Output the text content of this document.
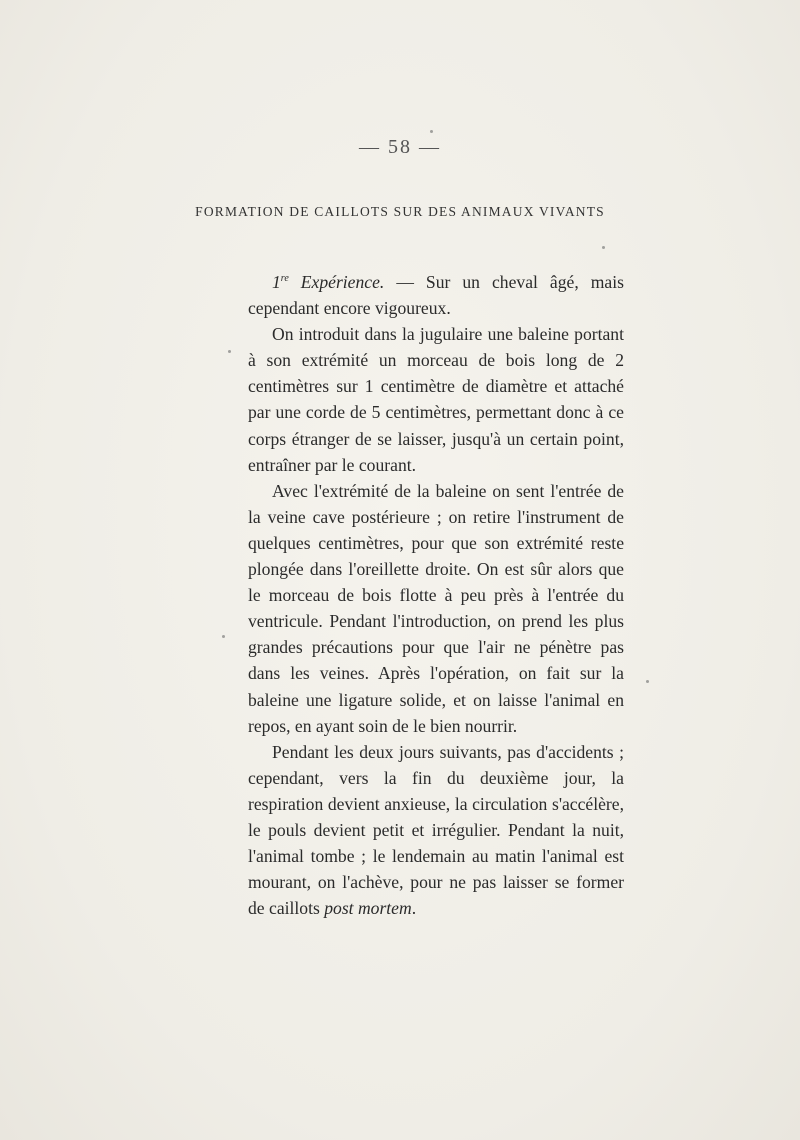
— 58 —
FORMATION DE CAILLOTS SUR DES ANIMAUX VIVANTS

1re Expérience. — Sur un cheval âgé, mais cependant encore vigoureux.

On introduit dans la jugulaire une baleine portant à son extrémité un morceau de bois long de 2 centimètres sur 1 centimètre de diamètre et attaché par une corde de 5 centimètres, permettant donc à ce corps étranger de se laisser, jusqu'à un certain point, entraîner par le courant.

Avec l'extrémité de la baleine on sent l'entrée de la veine cave postérieure ; on retire l'instrument de quelques centimètres, pour que son extrémité reste plongée dans l'oreillette droite. On est sûr alors que le morceau de bois flotte à peu près à l'entrée du ventricule. Pendant l'introduction, on prend les plus grandes précautions pour que l'air ne pénètre pas dans les veines. Après l'opération, on fait sur la baleine une ligature solide, et on laisse l'animal en repos, en ayant soin de le bien nourrir.

Pendant les deux jours suivants, pas d'accidents ; cependant, vers la fin du deuxième jour, la respiration devient anxieuse, la circulation s'accélère, le pouls devient petit et irrégulier. Pendant la nuit, l'animal tombe ; le lendemain au matin l'animal est mourant, on l'achève, pour ne pas laisser se former de caillots post mortem.
